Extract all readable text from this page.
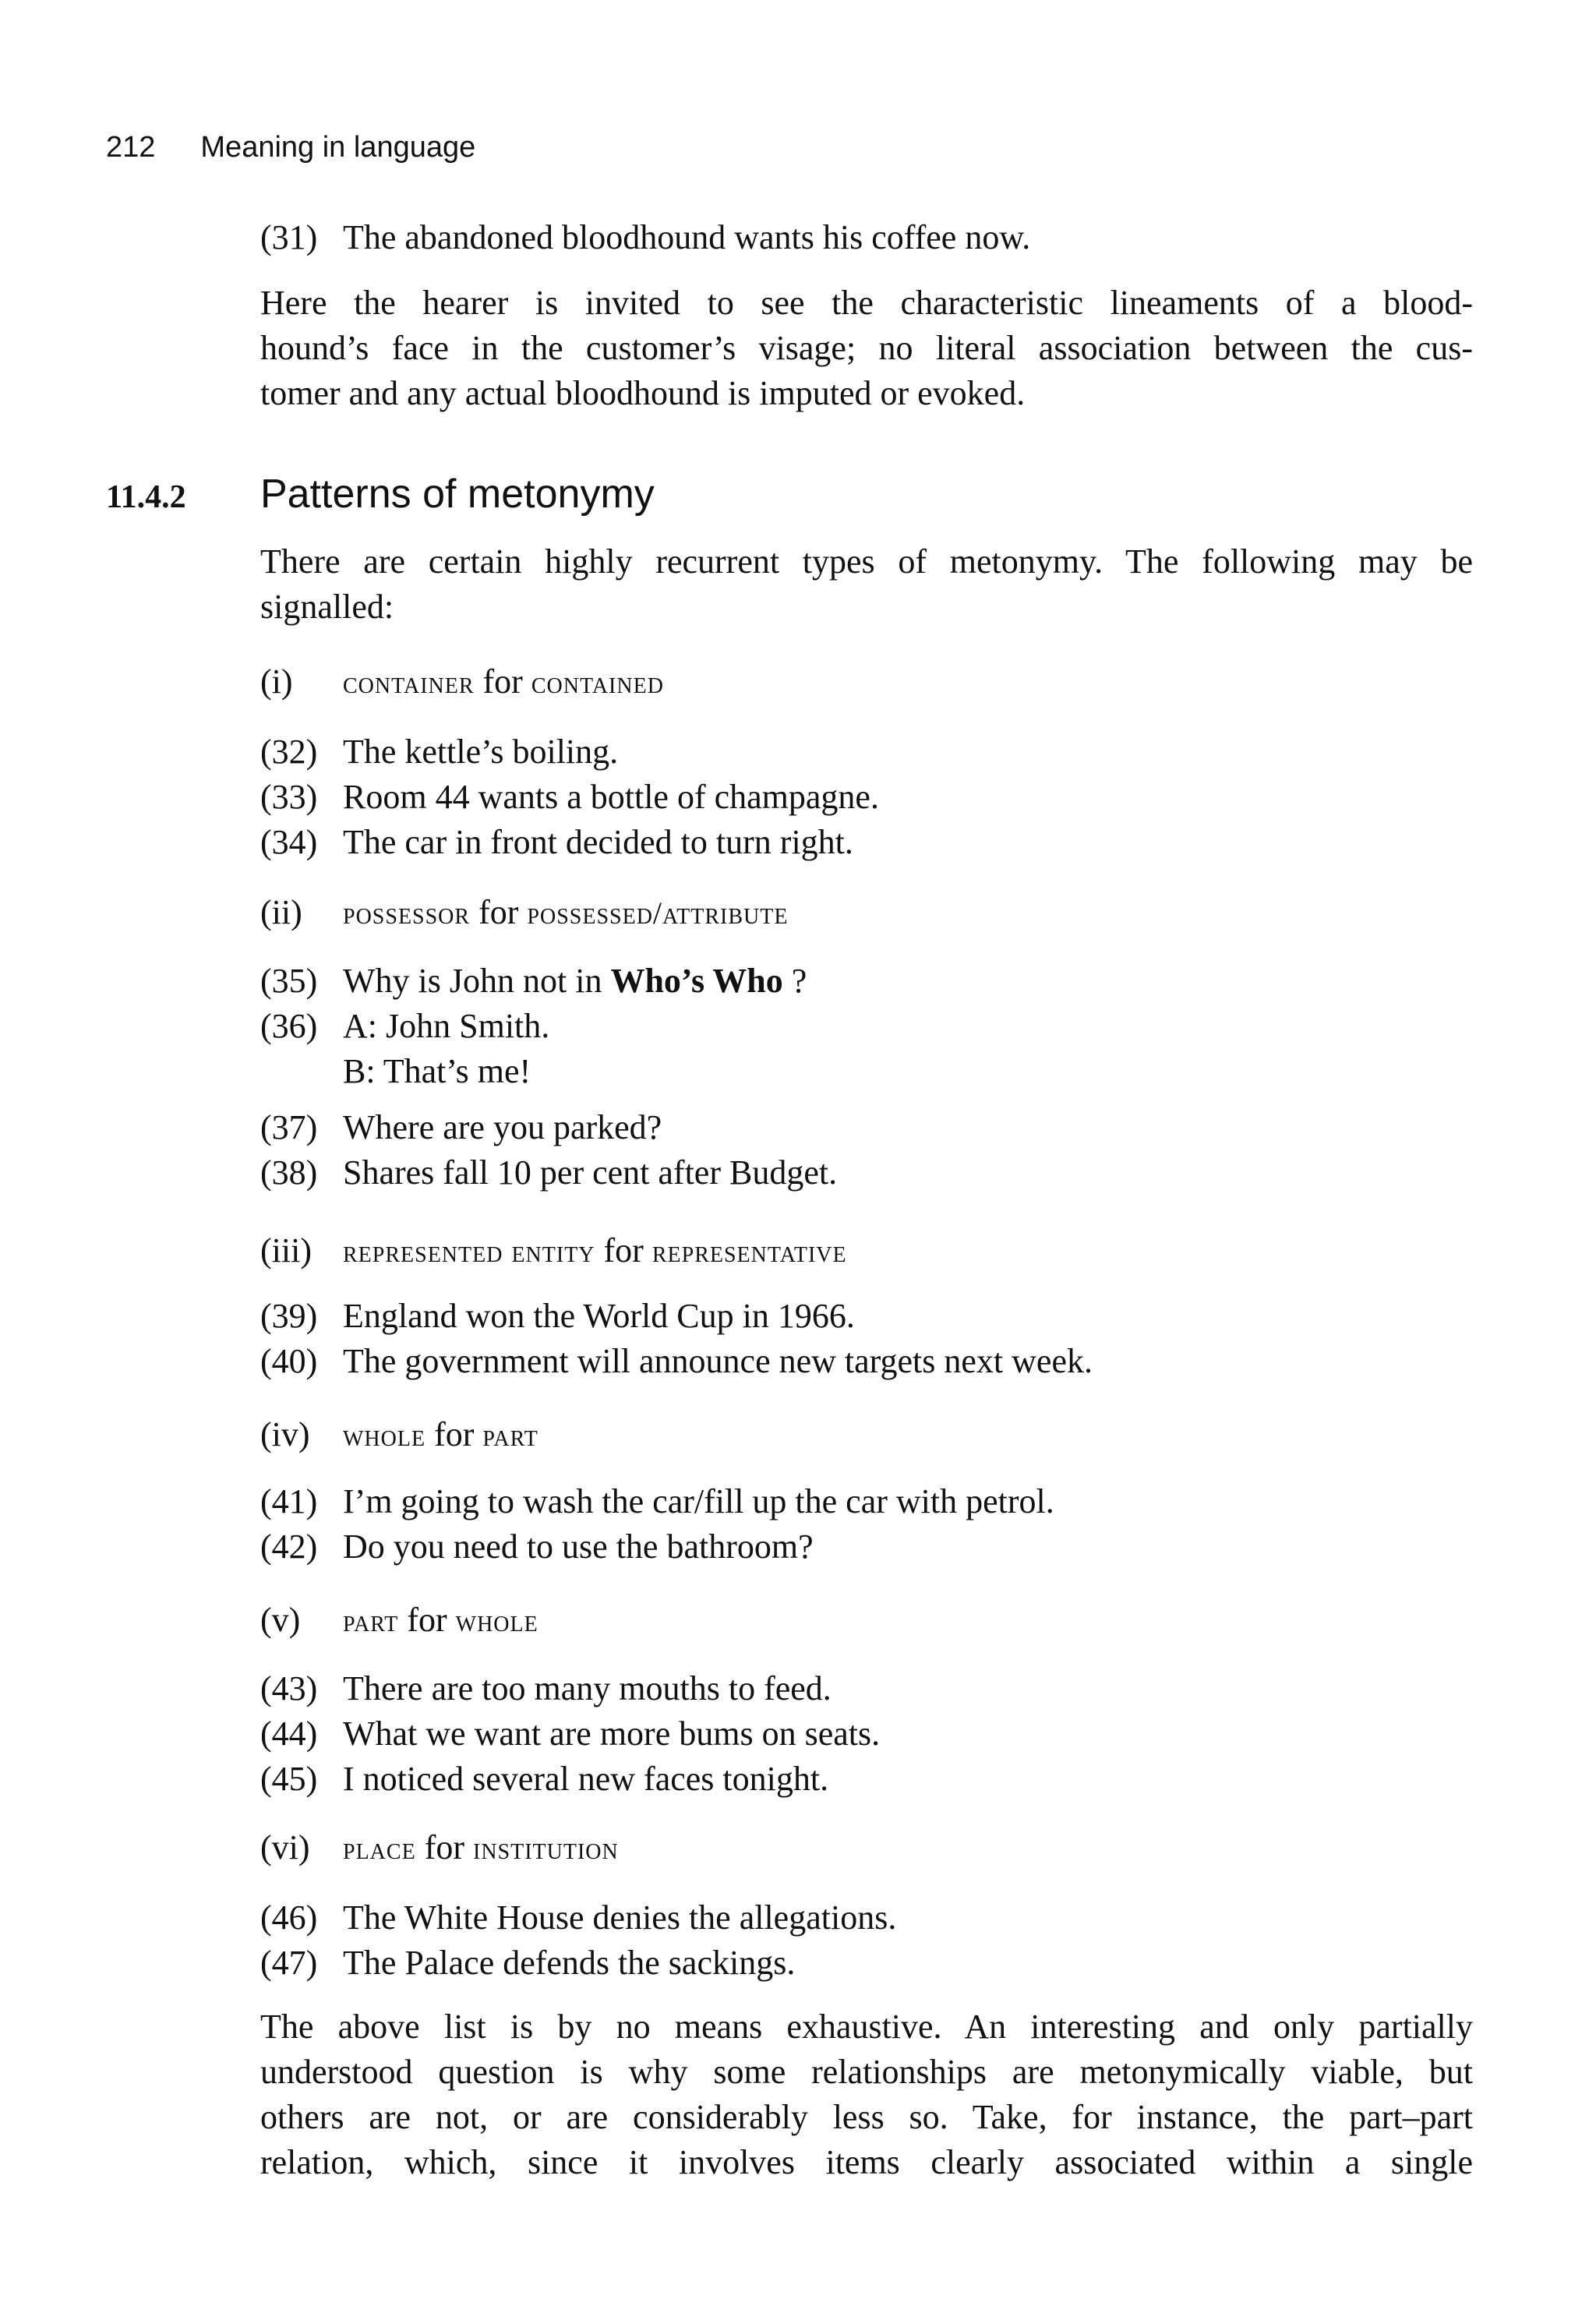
212 Meaning in language
(31) The abandoned bloodhound wants his coffee now.

Here the hearer is invited to see the characteristic lineaments of a blood-

hound’s face in the customer’s visage; no literal association between the cus-

tomer and any actual bloodhound is imputed or evoked.

11.4.2	Patterns of metonymy

There are certain highly recurrent types of metonymy. The following may be

signalled:

(i)	container for contained
(32) The kettle’s boiling.
(33) Room 44 wants a bottle of champagne.
(34) The car in front decided to turn right.
(ii)	possessor for possessed/attribute
(35) Why is John not in Who’s Who ?
(36) A: John Smith.
B: That’s me!
(37) Where are you parked?
(38) Shares fall 10 per cent after Budget.
(iii)	represented entity for representative
(39) England won the World Cup in 1966.
(40) The government will announce new targets next week.
(iv)	whole for part
(41) I’m going to wash the car/fill up the car with petrol.
(42) Do you need to use the bathroom?
(v)	part for whole
(43) There are too many mouths to feed.
(44) What we want are more bums on seats.
(45) I noticed several new faces tonight.
(vi)	place for institution
(46) The White House denies the allegations.
(47) The Palace defends the sackings.

The above list is by no means exhaustive. An interesting and only partially

understood question is why some relationships are metonymically viable, but

others are not, or are considerably less so. Take, for instance, the part–part

relation, which, since it involves items clearly associated within a single
